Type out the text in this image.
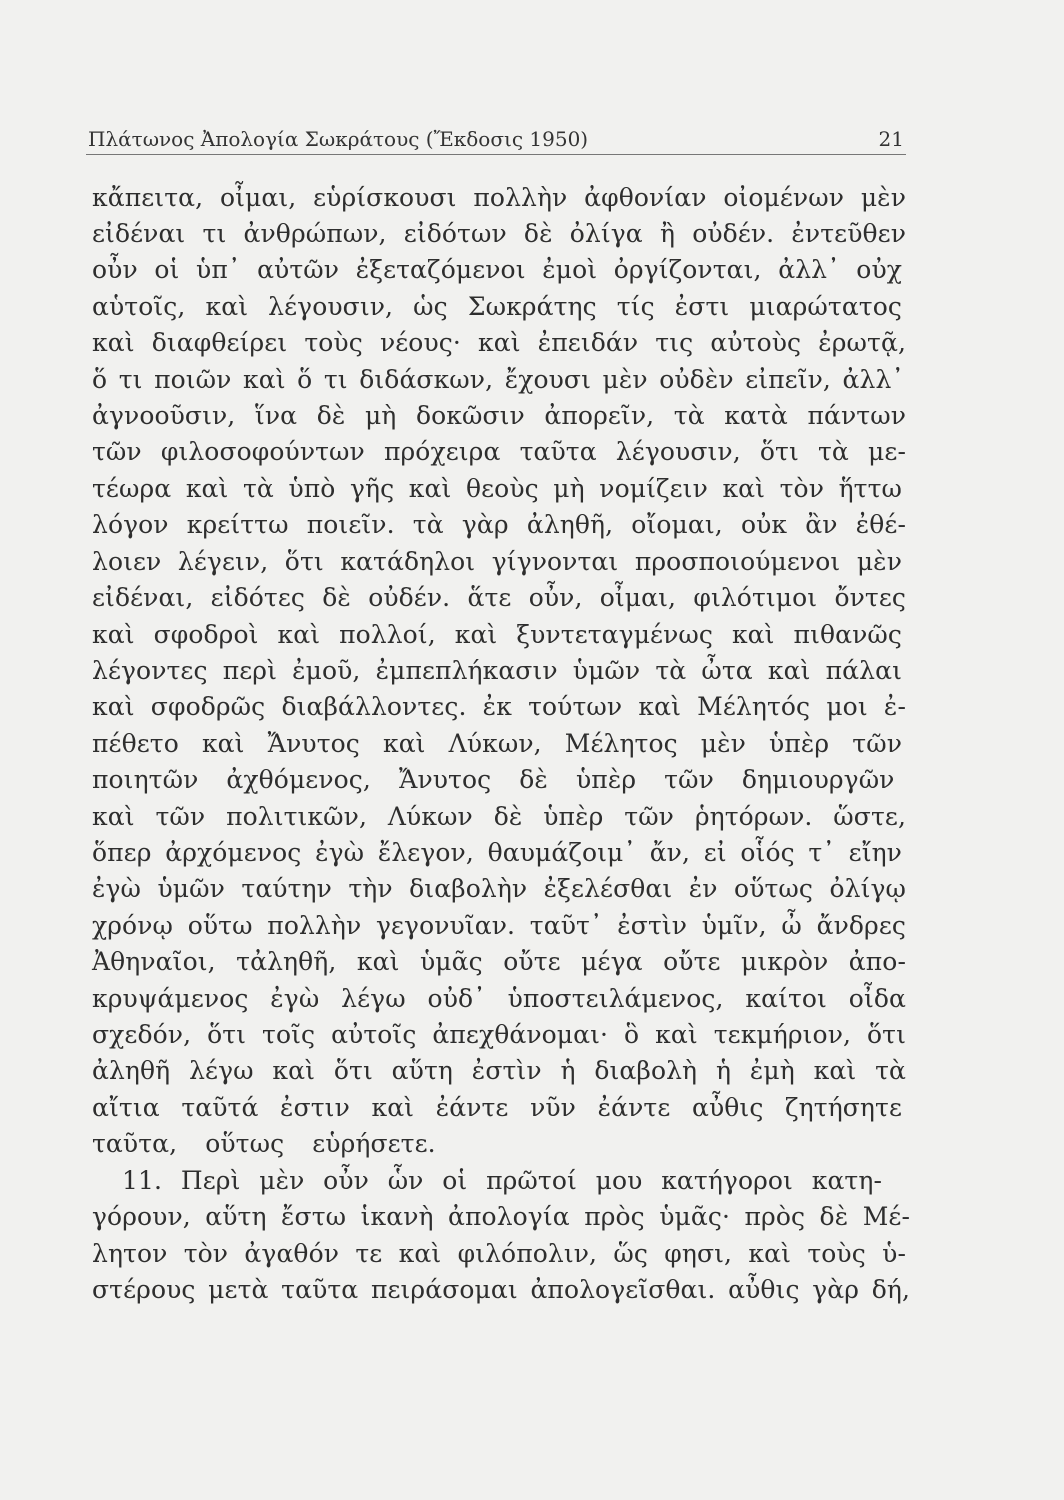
Πλάτωνος Ἀπολογία Σωκράτους (Ἔκδοσις 1950)	21
κἄπειτα, οἶμαι, εὑρίσκουσι πολλὴν ἀφθονίαν οἰομένων μὲν
εἰδέναι τι ἀνθρώπων, εἰδότων δὲ ὀλίγα ἢ οὐδέν. ἐντεῦθεν
οὖν οἱ ὑπ᾽ αὐτῶν ἐξεταζόμενοι ἐμοὶ ὀργίζονται, ἀλλ᾽ οὐχ
αὑτοῖς, καὶ λέγουσιν, ὡς Σωκράτης τίς ἐστι μιαρώτατος
καὶ διαφθείρει τοὺς νέους· καὶ ἐπειδάν τις αὐτοὺς ἐρωτᾷ,
ὅ τι ποιῶν καὶ ὅ τι διδάσκων, ἔχουσι μὲν οὐδὲν εἰπεῖν, ἀλλ᾽
ἀγνοοῦσιν, ἵνα δὲ μὴ δοκῶσιν ἀπορεῖν, τὰ κατὰ πάντων
τῶν φιλοσοφούντων πρόχειρα ταῦτα λέγουσιν, ὅτι τὰ με-
τέωρα καὶ τὰ ὑπὸ γῆς καὶ θεοὺς μὴ νομίζειν καὶ τὸν ἥττω
λόγον κρείττω ποιεῖν. τὰ γὰρ ἀληθῆ, οἴομαι, οὐκ ἂν ἐθέ-
λοιεν λέγειν, ὅτι κατάδηλοι γίγνονται προσποιούμενοι μὲν
εἰδέναι, εἰδότες δὲ οὐδέν. ἅτε οὖν, οἶμαι, φιλότιμοι ὄντες
καὶ σφοδροὶ καὶ πολλοί, καὶ ξυντεταγμένως καὶ πιθανῶς
λέγοντες περὶ ἐμοῦ, ἐμπεπλήκασιν ὑμῶν τὰ ὦτα καὶ πάλαι
καὶ σφοδρῶς διαβάλλοντες. ἐκ τούτων καὶ Μέλητός μοι ἐ-
πέθετο καὶ Ἄνυτος καὶ Λύκων, Μέλητος μὲν ὑπὲρ τῶν
ποιητῶν ἀχθόμενος, Ἄνυτος δὲ ὑπὲρ τῶν δημιουργῶν
καὶ τῶν πολιτικῶν, Λύκων δὲ ὑπὲρ τῶν ῥητόρων. ὥστε,
ὅπερ ἀρχόμενος ἐγὼ ἔλεγον, θαυμάζοιμ᾽ ἄν, εἰ οἷός τ᾽ εἴην
ἐγὼ ὑμῶν ταύτην τὴν διαβολὴν ἐξελέσθαι ἐν οὕτως ὀλίγῳ
χρόνῳ οὕτω πολλὴν γεγονυῖαν. ταῦτ᾽ ἐστὶν ὑμῖν, ὦ ἄνδρες
Ἀθηναῖοι, τἀληθῆ, καὶ ὑμᾶς οὔτε μέγα οὔτε μικρὸν ἀπο-
κρυψάμενος ἐγὼ λέγω οὐδ᾽ ὑποστειλάμενος, καίτοι οἶδα
σχεδόν, ὅτι τοῖς αὐτοῖς ἀπεχθάνομαι· ὃ καὶ τεκμήριον, ὅτι
ἀληθῆ λέγω καὶ ὅτι αὕτη ἐστὶν ἡ διαβολὴ ἡ ἐμὴ καὶ τὰ
αἴτια ταῦτά ἐστιν καὶ ἐάντε νῦν ἐάντε αὖθις ζητήσητε
ταῦτα, οὕτως εὑρήσετε.
11. Περὶ μὲν οὖν ὧν οἱ πρῶτοί μου κατήγοροι κατη-
γόρουν, αὕτη ἔστω ἱκανὴ ἀπολογία πρὸς ὑμᾶς· πρὸς δὲ Μέ-
λητον τὸν ἀγαθόν τε καὶ φιλόπολιν, ὥς φησι, καὶ τοὺς ὑ-
στέρους μετὰ ταῦτα πειράσομαι ἀπολογεῖσθαι. αὖθις γὰρ δή,
